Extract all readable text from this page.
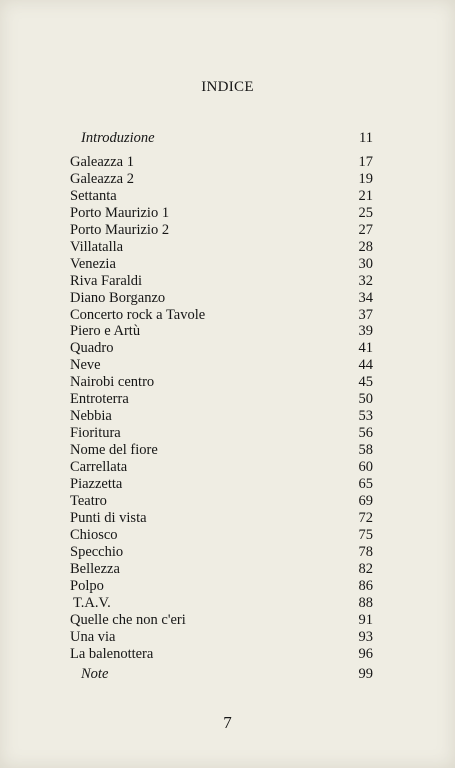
INDICE
Introduzione	11
Galeazza 1	17
Galeazza 2	19
Settanta	21
Porto Maurizio 1	25
Porto Maurizio 2	27
Villatalla	28
Venezia	30
Riva Faraldi	32
Diano Borganzo	34
Concerto rock a Tavole	37
Piero e Artù	39
Quadro	41
Neve	44
Nairobi centro	45
Entroterra	50
Nebbia	53
Fioritura	56
Nome del fiore	58
Carrellata	60
Piazzetta	65
Teatro	69
Punti di vista	72
Chiosco	75
Specchio	78
Bellezza	82
Polpo	86
T.A.V.	88
Quelle che non c'eri	91
Una via	93
La balenottera	96
Note	99
7
